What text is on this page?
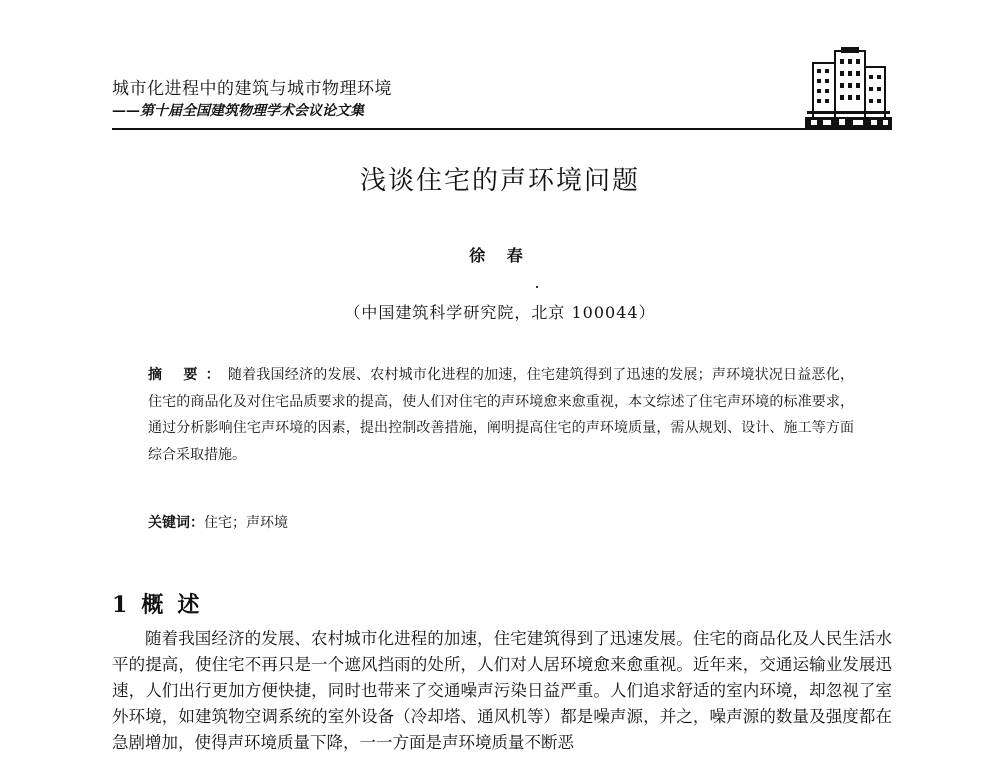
城市化进程中的建筑与城市物理环境
——第十届全国建筑物理学术会议论文集
浅谈住宅的声环境问题
徐 春
（中国建筑科学研究院，北京 100044）
摘 要：随着我国经济的发展、农村城市化进程的加速，住宅建筑得到了迅速的发展；声环境状况日益恶化，住宅的商品化及对住宅品质要求的提高，使人们对住宅的声环境愈来愈重视，本文综述了住宅声环境的标准要求，通过分析影响住宅声环境的因素，提出控制改善措施，阐明提高住宅的声环境质量，需从规划、设计、施工等方面综合采取措施。
关键词：住宅；声环境
1 概述
随着我国经济的发展、农村城市化进程的加速，住宅建筑得到了迅速发展。住宅的商品化及人民生活水平的提高，使住宅不再只是一个遮风挡雨的处所，人们对人居环境愈来愈重视。近年来，交通运输业发展迅速，人们出行更加方便快捷，同时也带来了交通噪声污染日益严重。人们追求舒适的室内环境，却忽视了室外环境，如建筑物空调系统的室外设备（冷却塔、通风机等）都是噪声源，并之，噪声源的数量及强度都在急剧增加，使得声环境质量下降，一一方面是声环境质量不断恶
